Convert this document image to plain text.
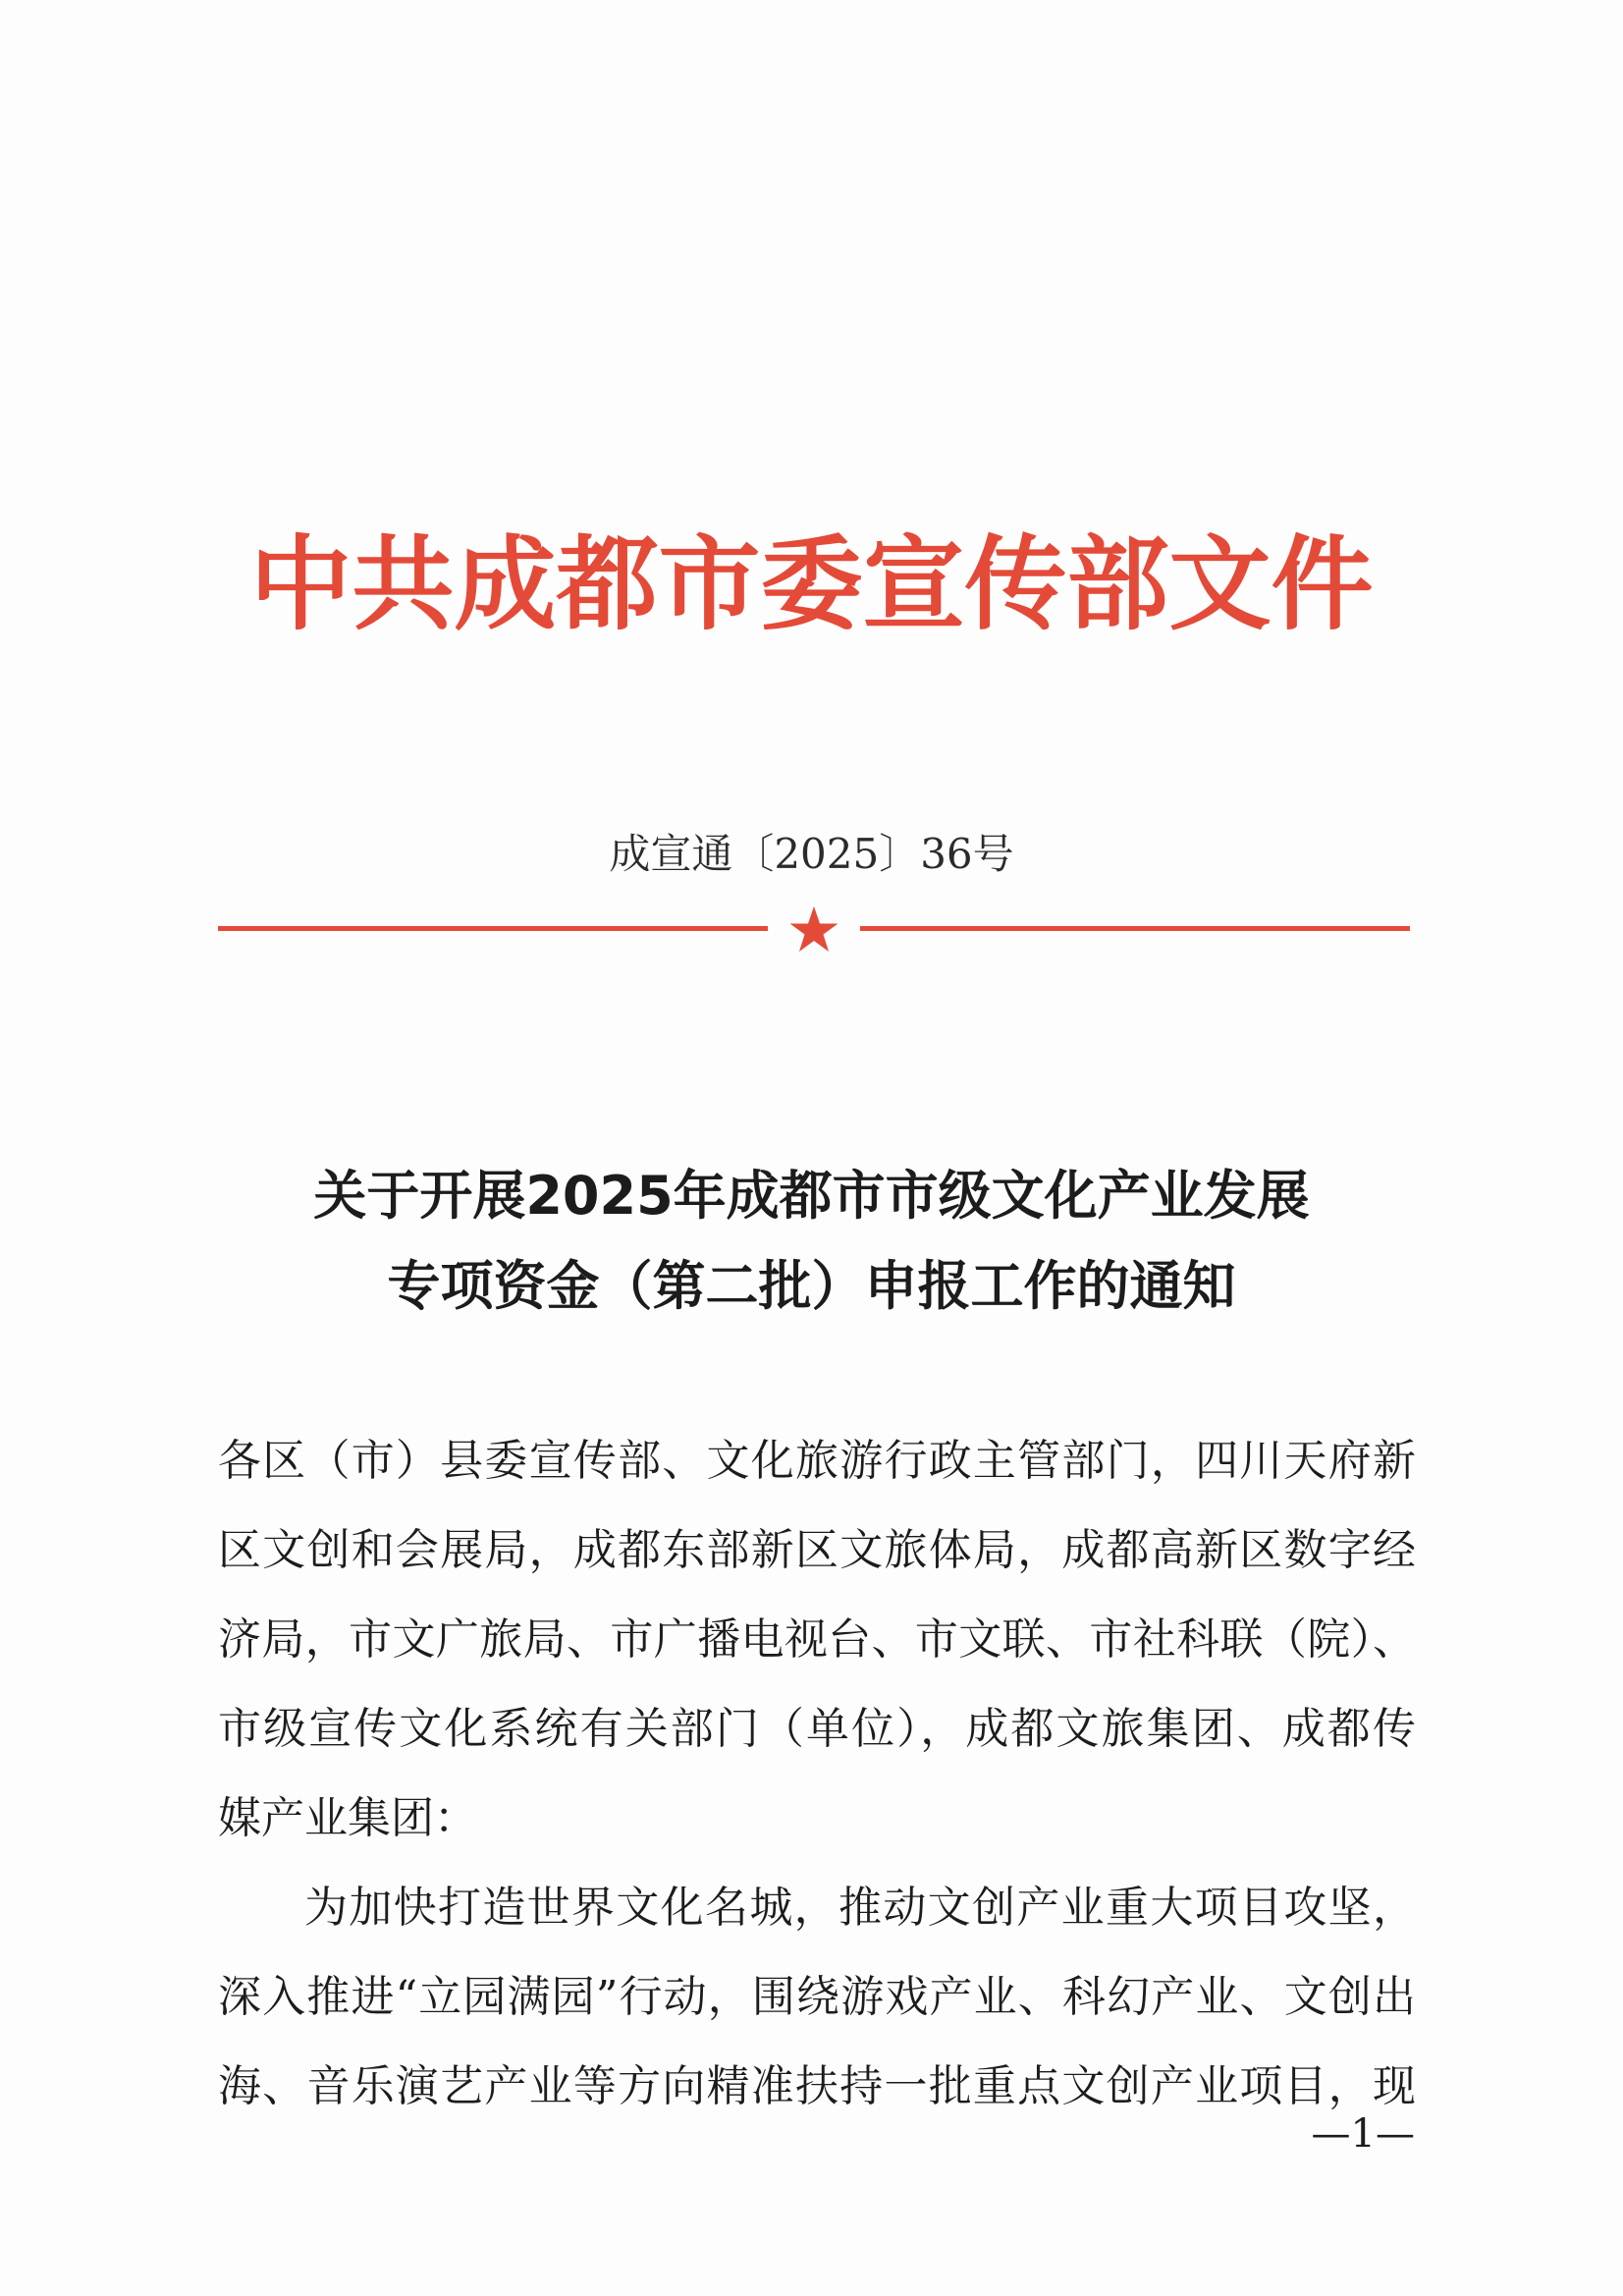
中共成都市委宣传部文件
成宣通〔2025〕36号
关于开展2025年成都市市级文化产业发展
专项资金（第二批）申报工作的通知
各区（市）县委宣传部、文化旅游行政主管部门，四川天府新
区文创和会展局，成都东部新区文旅体局，成都高新区数字经
济局，市文广旅局、市广播电视台、市文联、市社科联（院）、
市级宣传文化系统有关部门（单位），成都文旅集团、成都传
媒产业集团：
为加快打造世界文化名城，推动文创产业重大项目攻坚，
深入推进“立园满园”行动，围绕游戏产业、科幻产业、文创出
海、音乐演艺产业等方向精准扶持一批重点文创产业项目，现
—1—
